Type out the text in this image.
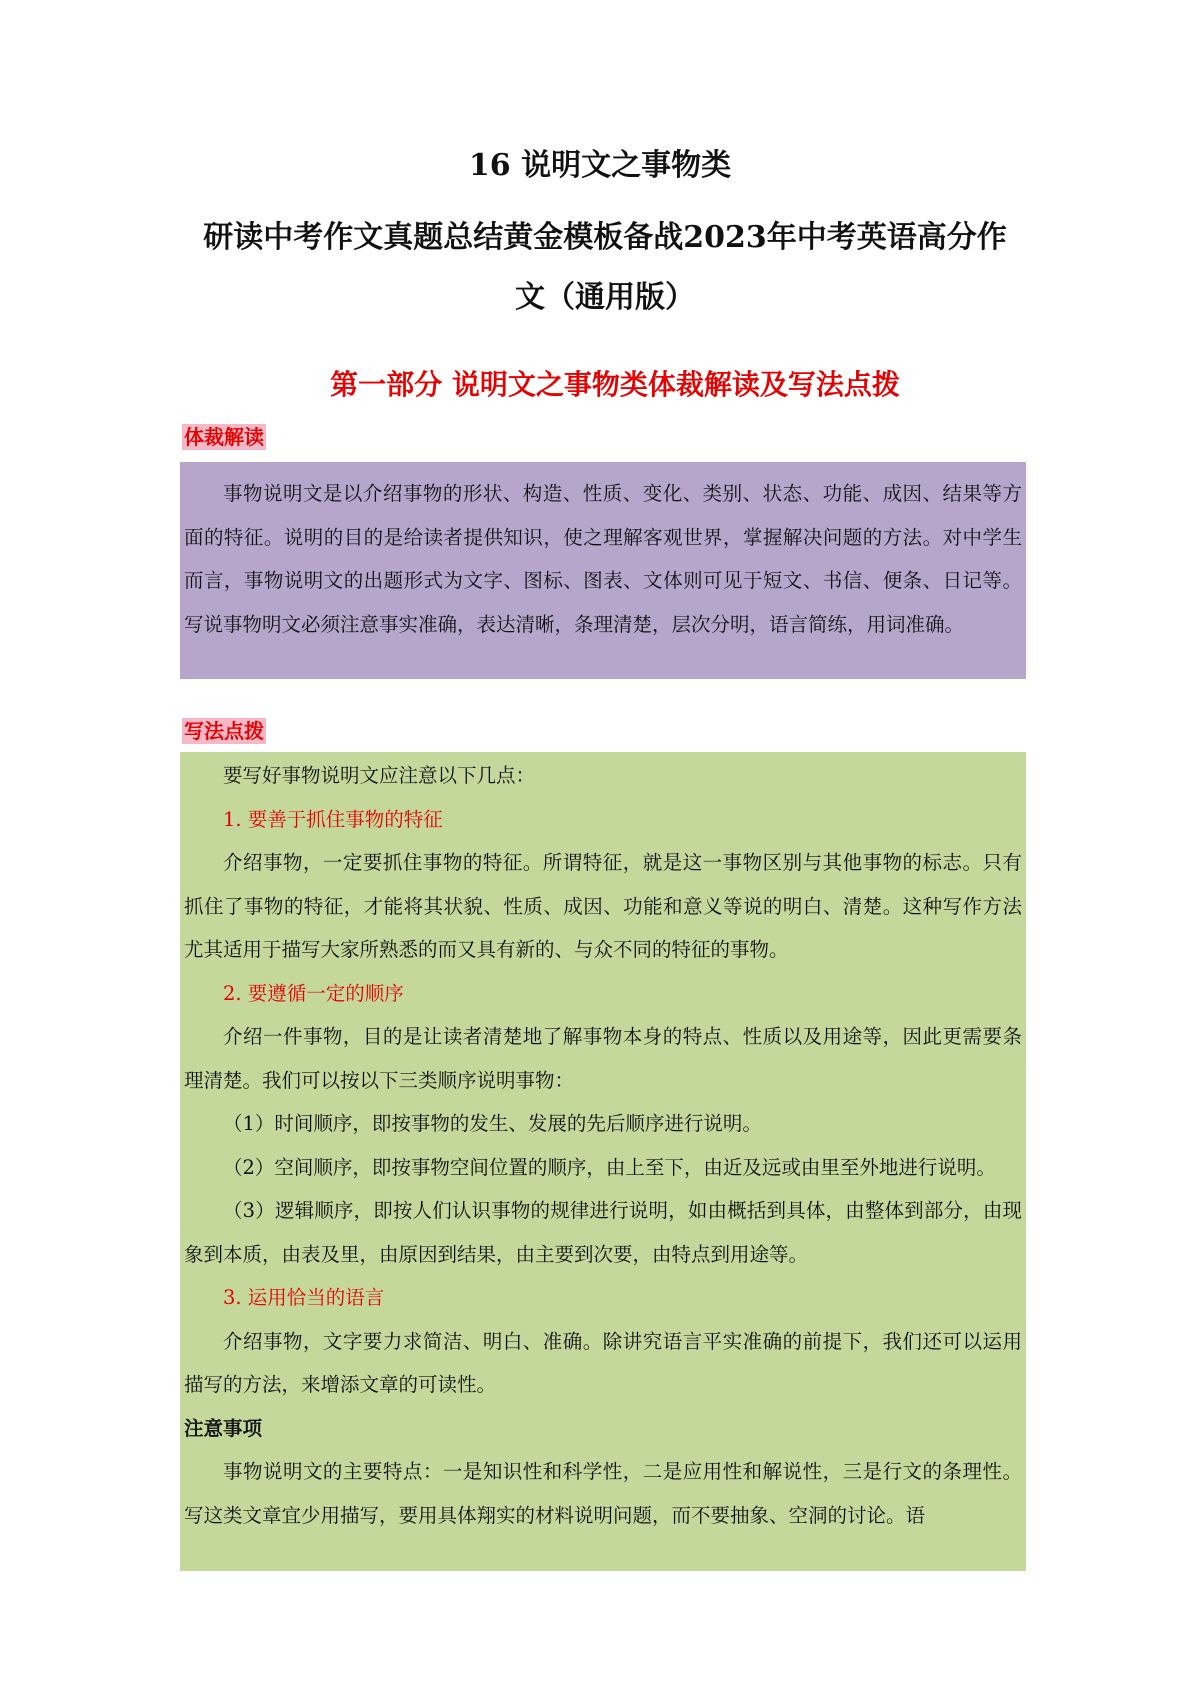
16 说明文之事物类
研读中考作文真题总结黄金模板备战2023年中考英语高分作文（通用版）
第一部分 说明文之事物类体裁解读及写法点拨
体裁解读

事物说明文是以介绍事物的形状、构造、性质、变化、类别、状态、功能、成因、结果等方面的特征。说明的目的是给读者提供知识，使之理解客观世界，掌握解决问题的方法。对中学生而言，事物说明文的出题形式为文字、图标、图表、文体则可见于短文、书信、便条、日记等。写说事物明文必须注意事实准确，表达清晰，条理清楚，层次分明，语言简练，用词准确。

写法点拨

要写好事物说明文应注意以下几点：

1. 要善于抓住事物的特征

介绍事物，一定要抓住事物的特征。所谓特征，就是这一事物区别与其他事物的标志。只有抓住了事物的特征，才能将其状貌、性质、成因、功能和意义等说的明白、清楚。这种写作方法尤其适用于描写大家所熟悉的而又具有新的、与众不同的特征的事物。

2. 要遵循一定的顺序

介绍一件事物，目的是让读者清楚地了解事物本身的特点、性质以及用途等，因此更需要条理清楚。我们可以按以下三类顺序说明事物：

（1）时间顺序，即按事物的发生、发展的先后顺序进行说明。

（2）空间顺序，即按事物空间位置的顺序，由上至下，由近及远或由里至外地进行说明。

（3）逻辑顺序，即按人们认识事物的规律进行说明，如由概括到具体，由整体到部分，由现象到本质，由表及里，由原因到结果，由主要到次要，由特点到用途等。

3. 运用恰当的语言

介绍事物，文字要力求简洁、明白、准确。除讲究语言平实准确的前提下，我们还可以运用描写的方法，来增添文章的可读性。

注意事项

事物说明文的主要特点：一是知识性和科学性，二是应用性和解说性，三是行文的条理性。写这类文章宜少用描写，要用具体翔实的材料说明问题，而不要抽象、空洞的讨论。语
